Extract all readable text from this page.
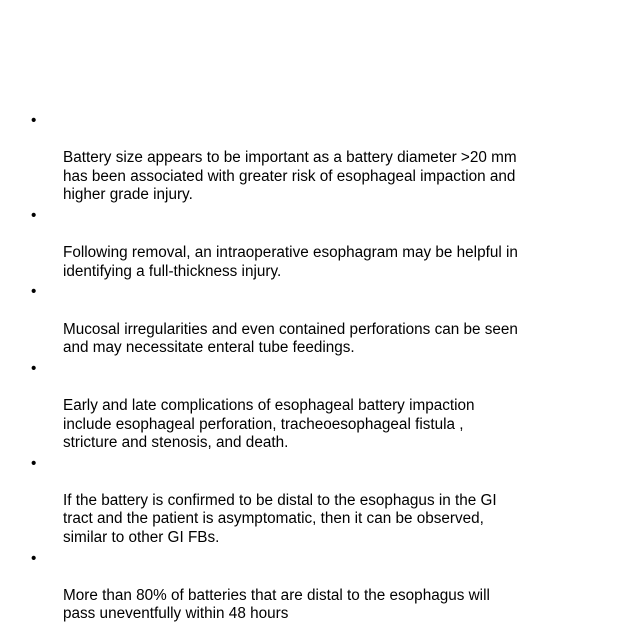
•

Battery size appears to be important as a battery diameter >20 mm
has been associated with greater risk of esophageal impaction and
higher grade injury.

•

Following removal, an intraoperative esophagram may be helpful in
identifying a full-thickness injury.

•

Mucosal irregularities and even contained perforations can be seen
and may necessitate enteral tube feedings.

•

Early and late complications of esophageal battery impaction
include esophageal perforation, tracheoesophageal fistula ,
stricture and stenosis, and death.

•

If the battery is confirmed to be distal to the esophagus in the GI
tract and the patient is asymptomatic, then it can be observed,
similar to other GI FBs.

•

More than 80% of batteries that are distal to the esophagus will
pass uneventfully within 48 hours
